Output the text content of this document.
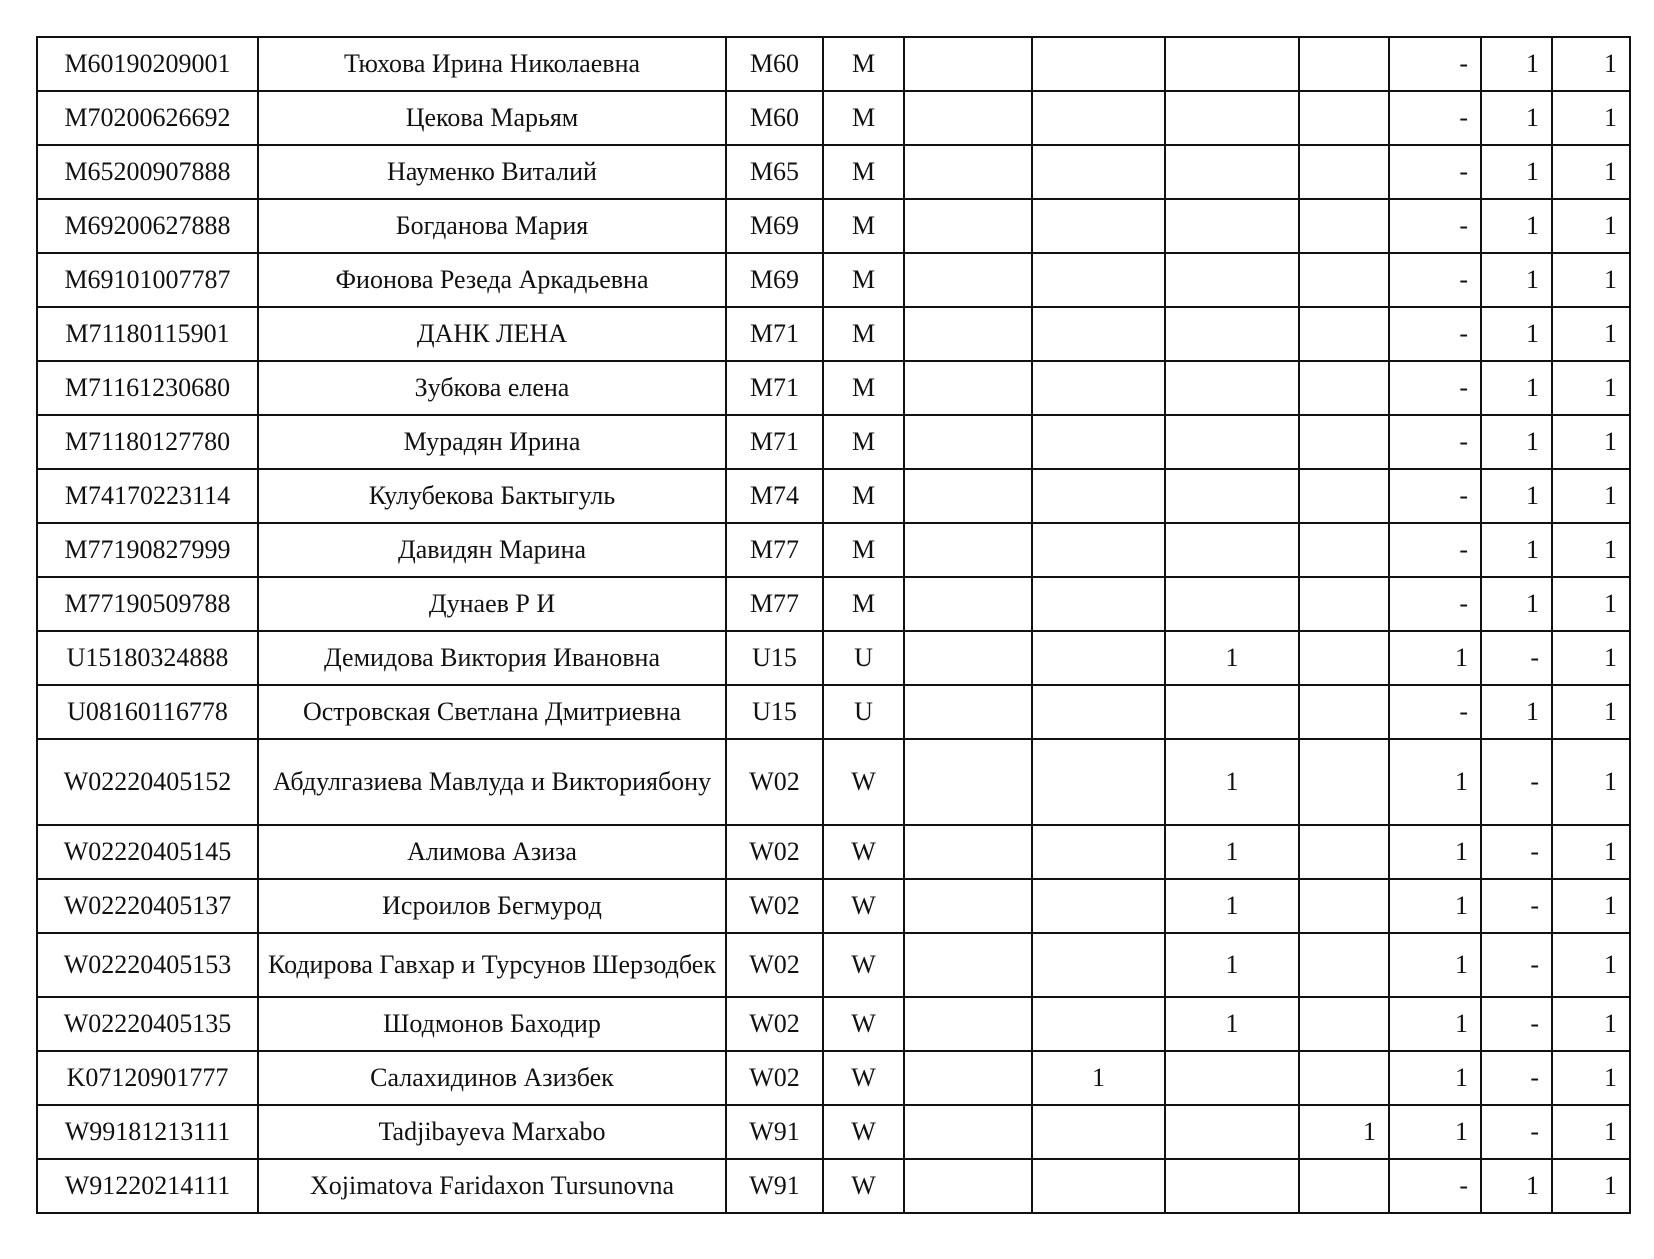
M60190209001	Тюхова Ирина Николаевна	M60	M					-	1	1
M70200626692	Цекова Марьям	M60	M					-	1	1
M65200907888	Науменко Виталий	M65	M					-	1	1
M69200627888	Богданова Мария	M69	M					-	1	1
M69101007787	Фионова Резеда Аркадьевна	M69	M					-	1	1
M71180115901	ДАНК ЛЕНА	M71	M					-	1	1
M71161230680	Зубкова елена	M71	M					-	1	1
M71180127780	Мурадян Ирина	M71	M					-	1	1
M74170223114	Кулубекова Бактыгуль	M74	M					-	1	1
M77190827999	Давидян Марина	M77	M					-	1	1
M77190509788	Дунаев Р И	M77	M					-	1	1
U15180324888	Демидова Виктория Ивановна	U15	U			1		1	-	1
U08160116778	Островская Светлана Дмитриевна	U15	U					-	1	1
W02220405152	Абдулгазиева Мавлуда и Викториябону	W02	W			1		1	-	1
W02220405145	Алимова Азиза	W02	W			1		1	-	1
W02220405137	Исроилов Бегмурод	W02	W			1		1	-	1
W02220405153	Кодирова Гавхар и Турсунов Шерзодбек	W02	W			1		1	-	1
W02220405135	Шодмонов Баходир	W02	W			1		1	-	1
K07120901777	Салахидинов Азизбек	W02	W		1			1	-	1
W99181213111	Tadjibayeva Marxabo	W91	W				1	1	-	1
W91220214111	Xojimatova Faridaxon Tursunovna	W91	W					-	1	1
